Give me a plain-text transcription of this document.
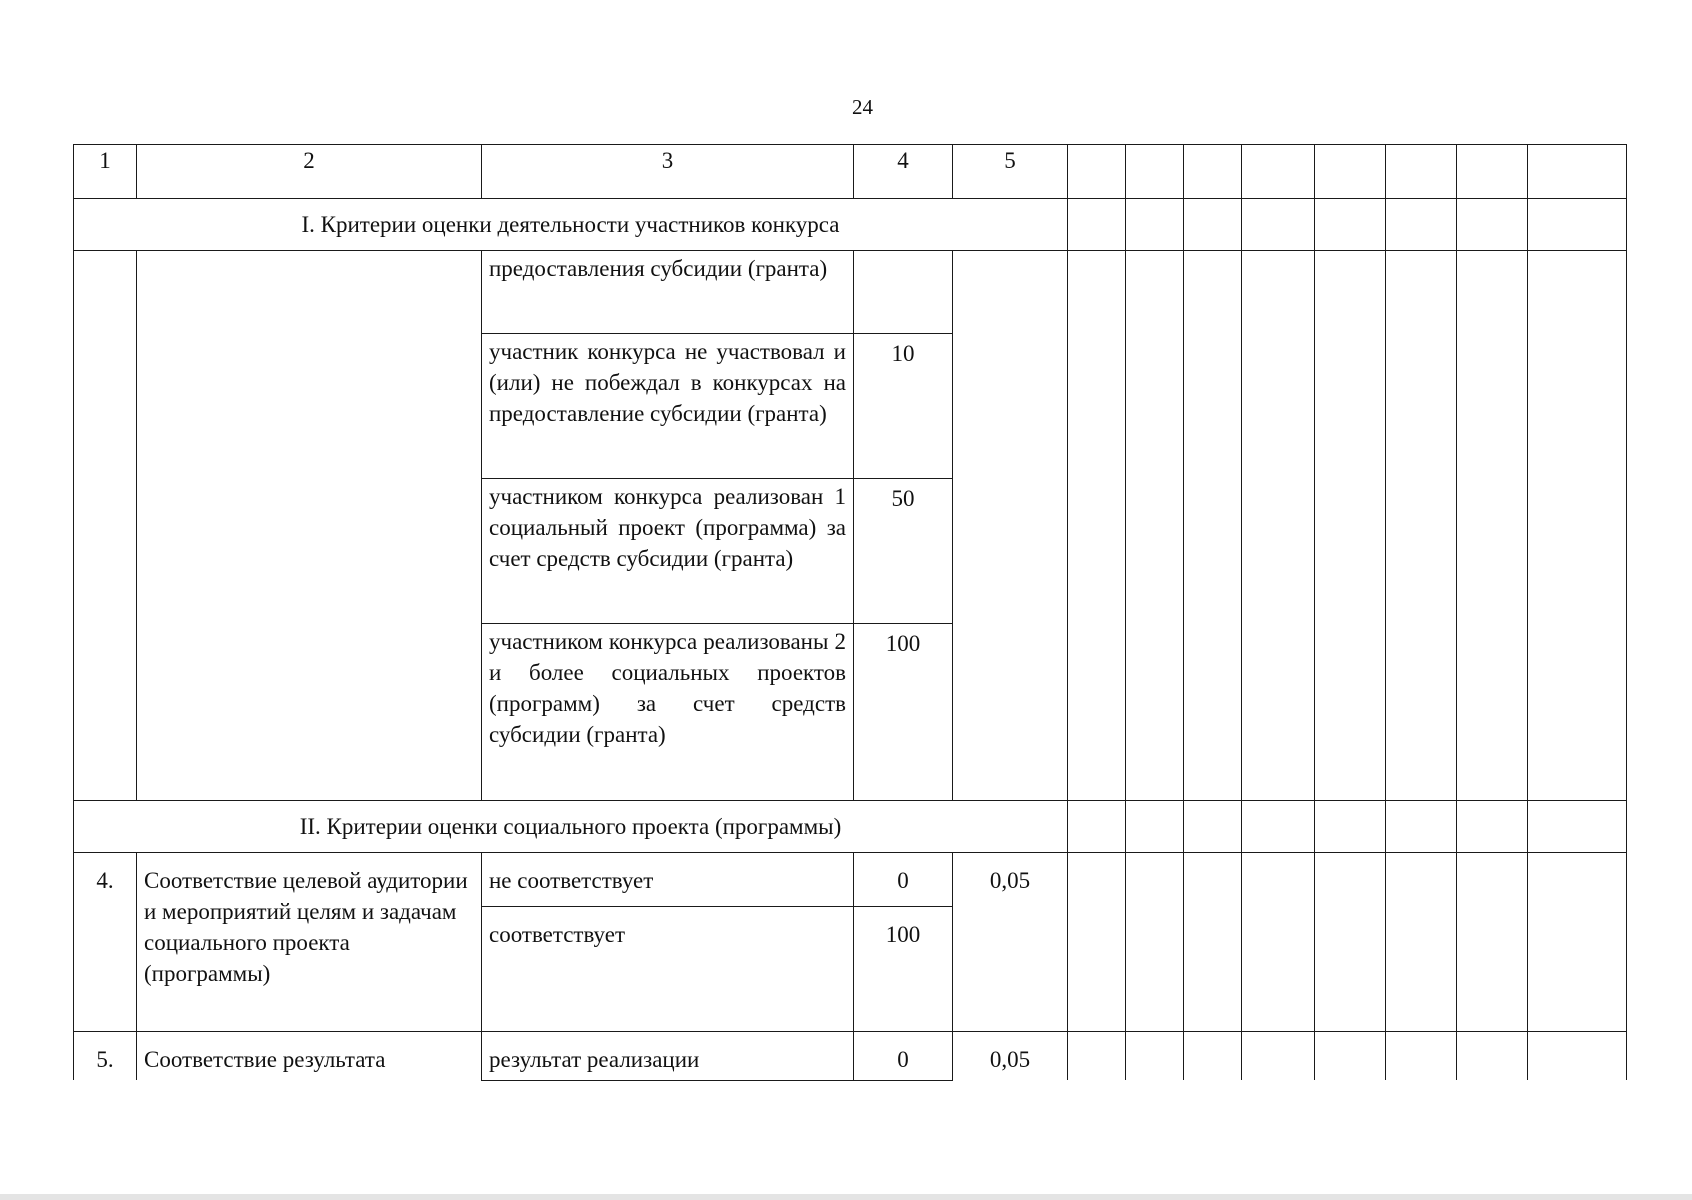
24
1	2	3	4	5								
I. Критерии оценки деятельности участников конкурса												
		предоставления субсидии (гранта)										
		участник конкурса не участвовал и (или) не побеждал в конкурсах на предоставление субсидии (гранта)	10									
		участником конкурса реализован 1 социальный проект (программа) за счет средств субсидии (гранта)	50									
		участником конкурса реализованы 2 и более социальных проектов (программ) за счет средств субсидии (гранта)	100									
II. Критерии оценки социального проекта (программы)												
4.	Соответствие целевой аудитории и мероприятий целям и задачам социального проекта (программы)	не соответствует	0	0,05								
		соответствует	100									
5.	Соответствие результата	результат реализации	0	0,05								
